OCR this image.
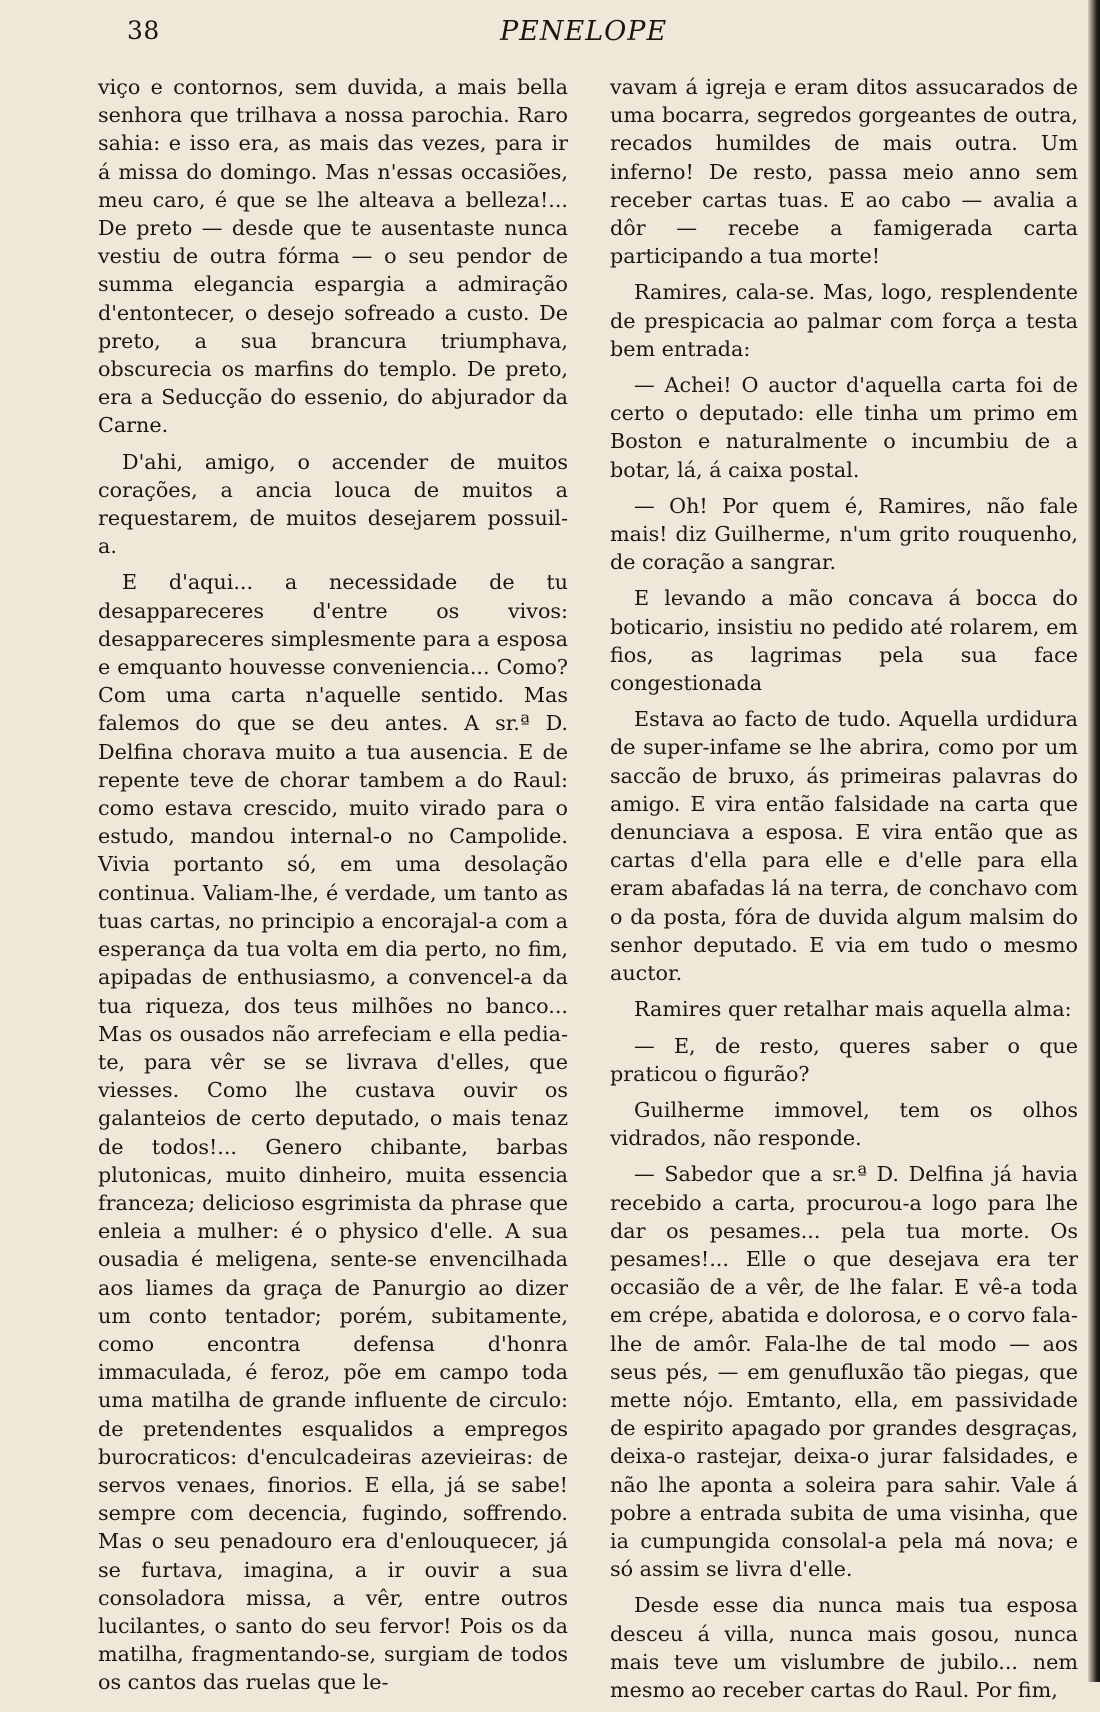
38	PENELOPE

viço e contornos, sem duvida, a mais bella senhora que trilhava a nossa parochia. Raro sahia: e isso era, as mais das vezes, para ir á missa do domingo. Mas n'essas occasiões, meu caro, é que se lhe alteava a belleza!... De preto — desde que te ausentaste nunca vestiu de outra fórma — o seu pendor de summa elegancia espargia a admiração d'entontecer, o desejo sofreado a custo. De preto, a sua brancura triumphava, obscurecia os marfins do templo. De preto, era a Seducção do essenio, do abjurador da Carne.

D'ahi, amigo, o accender de muitos corações, a ancia louca de muitos a requestarem, de muitos desejarem possuil-a.

E d'aqui... a necessidade de tu desappareceres d'entre os vivos: desappareceres simplesmente para a esposa e emquanto houvesse conveniencia... Como? Com uma carta n'aquelle sentido. Mas falemos do que se deu antes. A sr.ª D. Delfina chorava muito a tua ausencia. E de repente teve de chorar tambem a do Raul: como estava crescido, muito virado para o estudo, mandou internal-o no Campolide. Vivia portanto só, em uma desolação continua. Valiam-lhe, é verdade, um tanto as tuas cartas, no principio a encorajal-a com a esperança da tua volta em dia perto, no fim, apipadas de enthusiasmo, a convencel-a da tua riqueza, dos teus milhões no banco... Mas os ousados não arrefeciam e ella pedia-te, para vêr se se livrava d'elles, que viesses. Como lhe custava ouvir os galanteios de certo deputado, o mais tenaz de todos!... Genero chibante, barbas plutonicas, muito dinheiro, muita essencia franceza; delicioso esgrimista da phrase que enleia a mulher: é o physico d'elle. A sua ousadia é meligena, sente-se envencilhada aos liames da graça de Panurgio ao dizer um conto tentador; porém, subitamente, como encontra defensa d'honra immaculada, é feroz, põe em campo toda uma matilha de grande influente de circulo: de pretendentes esqualidos a empregos burocraticos: d'enculcadeiras azevieiras: de servos venaes, finorios. E ella, já se sabe! sempre com decencia, fugindo, soffrendo. Mas o seu penadouro era d'enlouquecer, já se furtava, imagina, a ir ouvir a sua consoladora missa, a vêr, entre outros lucilantes, o santo do seu fervor! Pois os da matilha, fragmentando-se, surgiam de todos os cantos das ruelas que le-

vavam á igreja e eram ditos assucarados de uma bocarra, segredos gorgeantes de outra, recados humildes de mais outra. Um inferno! De resto, passa meio anno sem receber cartas tuas. E ao cabo — avalia a dôr — recebe a famigerada carta participando a tua morte!

Ramires, cala-se. Mas, logo, resplendente de prespicacia ao palmar com força a testa bem entrada:

— Achei! O auctor d'aquella carta foi de certo o deputado: elle tinha um primo em Boston e naturalmente o incumbiu de a botar, lá, á caixa postal.

— Oh! Por quem é, Ramires, não fale mais! diz Guilherme, n'um grito rouquenho, de coração a sangrar.

E levando a mão concava á bocca do boticario, insistiu no pedido até rolarem, em fios, as lagrimas pela sua face congestionada

Estava ao facto de tudo. Aquella urdidura de super-infame se lhe abrira, como por um saccão de bruxo, ás primeiras palavras do amigo. E vira então falsidade na carta que denunciava a esposa. E vira então que as cartas d'ella para elle e d'elle para ella eram abafadas lá na terra, de conchavo com o da posta, fóra de duvida algum malsim do senhor deputado. E via em tudo o mesmo auctor.

Ramires quer retalhar mais aquella alma:

— E, de resto, queres saber o que praticou o figurão?

Guilherme immovel, tem os olhos vidrados, não responde.

— Sabedor que a sr.ª D. Delfina já havia recebido a carta, procurou-a logo para lhe dar os pesames... pela tua morte. Os pesames!... Elle o que desejava era ter occasião de a vêr, de lhe falar. E vê-a toda em crépe, abatida e dolorosa, e o corvo fala-lhe de amôr. Fala-lhe de tal modo — aos seus pés, — em genufluxão tão piegas, que mette nójo. Emtanto, ella, em passividade de espirito apagado por grandes desgraças, deixa-o rastejar, deixa-o jurar falsidades, e não lhe aponta a soleira para sahir. Vale á pobre a entrada subita de uma visinha, que ia cumpungida consolal-a pela má nova; e só assim se livra d'elle.

Desde esse dia nunca mais tua esposa desceu á villa, nunca mais gosou, nunca mais teve um vislumbre de jubilo... nem mesmo ao receber cartas do Raul. Por fim,
